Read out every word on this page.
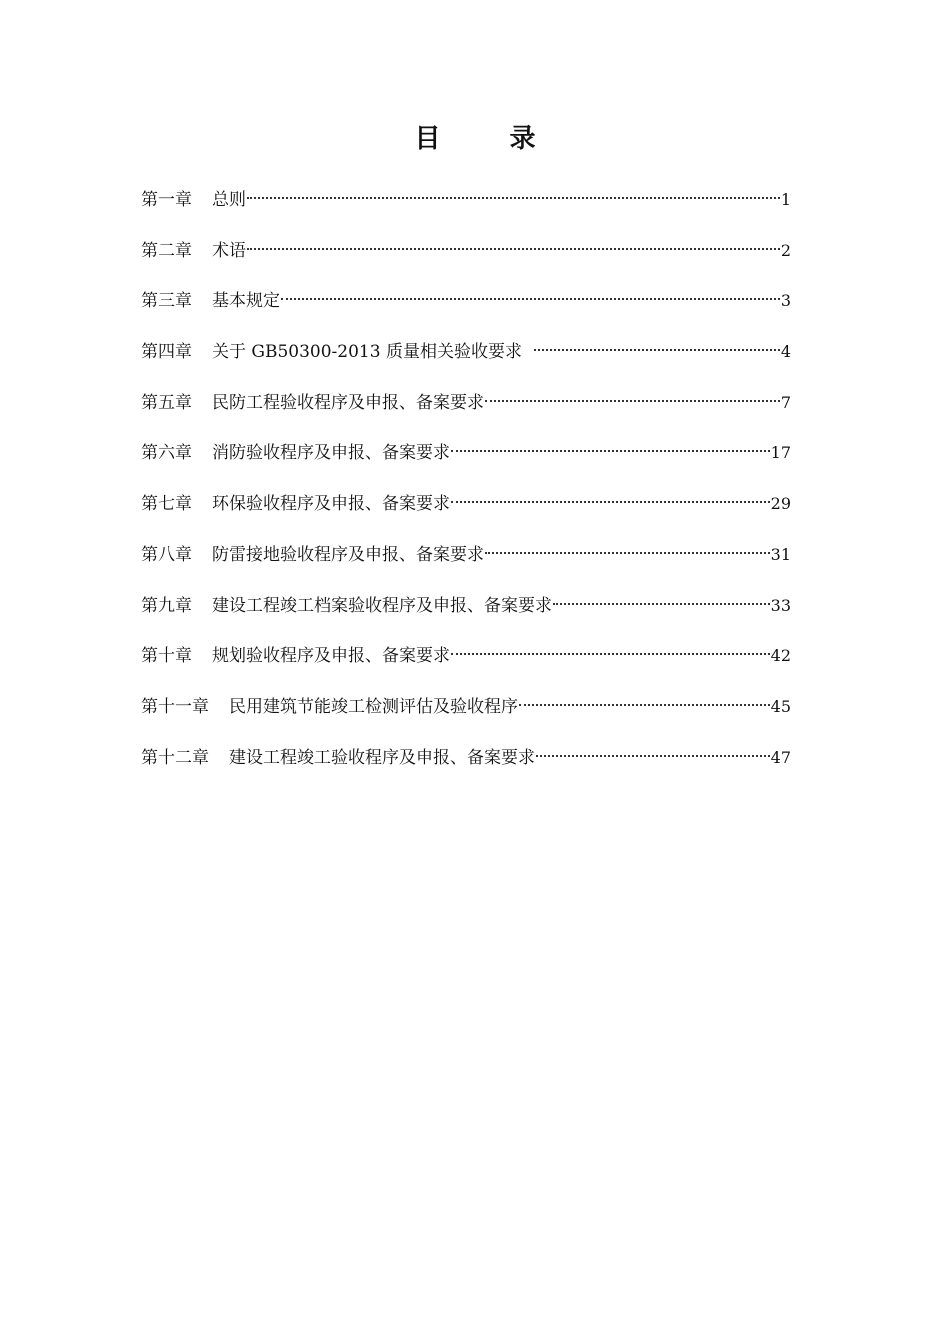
目 录
第一章 总则	1
第二章 术语	2
第三章 基本规定	3
第四章 关于 GB50300-2013 质量相关验收要求	4
第五章 民防工程验收程序及申报、备案要求	7
第六章 消防验收程序及申报、备案要求	17
第七章 环保验收程序及申报、备案要求	29
第八章 防雷接地验收程序及申报、备案要求	31
第九章 建设工程竣工档案验收程序及申报、备案要求	33
第十章 规划验收程序及申报、备案要求	42
第十一章 民用建筑节能竣工检测评估及验收程序	45
第十二章 建设工程竣工验收程序及申报、备案要求	47
